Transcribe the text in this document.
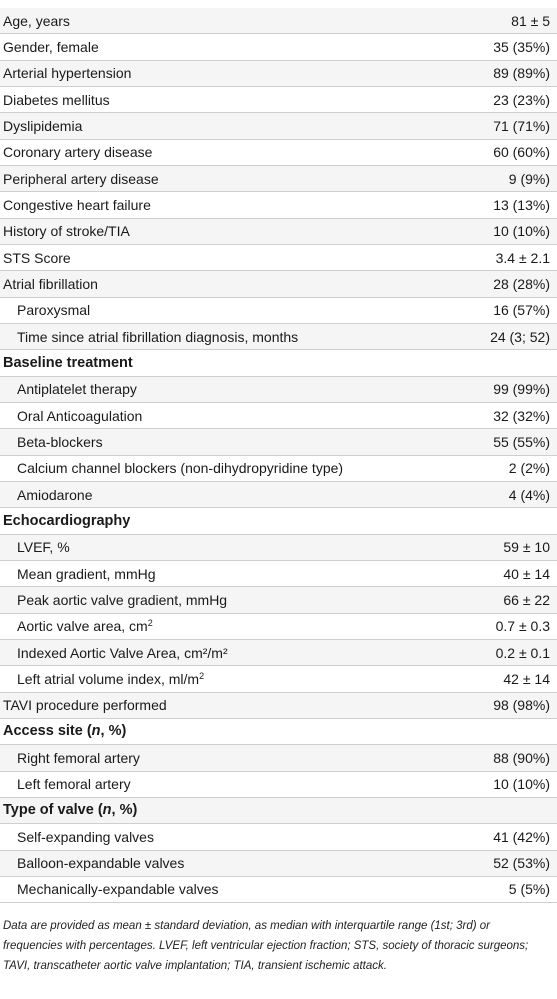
Age, years	81 ± 5
Gender, female	35 (35%)
Arterial hypertension	89 (89%)
Diabetes mellitus	23 (23%)
Dyslipidemia	71 (71%)
Coronary artery disease	60 (60%)
Peripheral artery disease	9 (9%)
Congestive heart failure	13 (13%)
History of stroke/TIA	10 (10%)
STS Score	3.4 ± 2.1
Atrial fibrillation	28 (28%)
Paroxysmal	16 (57%)
Time since atrial fibrillation diagnosis, months	24 (3; 52)
Baseline treatment
Antiplatelet therapy	99 (99%)
Oral Anticoagulation	32 (32%)
Beta-blockers	55 (55%)
Calcium channel blockers (non-dihydropyridine type)	2 (2%)
Amiodarone	4 (4%)
Echocardiography
LVEF, %	59 ± 10
Mean gradient, mmHg	40 ± 14
Peak aortic valve gradient, mmHg	66 ± 22
Aortic valve area, $cm^2$	0.7 ± 0.3
Indexed Aortic Valve Area, cm²/m²	0.2 ± 0.1
Left atrial volume index, $ml/m^2$	42 ± 14
TAVI procedure performed	98 (98%)
Access site (n, %)
Right femoral artery	88 (90%)
Left femoral artery	10 (10%)
Type of valve (n, %)
Self-expanding valves	41 (42%)
Balloon-expandable valves	52 (53%)
Mechanically-expandable valves	5 (5%)
Data are provided as mean ± standard deviation, as median with interquartile range (1st; 3rd) or frequencies with percentages. LVEF, left ventricular ejection fraction; STS, society of thoracic surgeons; TAVI, transcatheter aortic valve implantation; TIA, transient ischemic attack.
